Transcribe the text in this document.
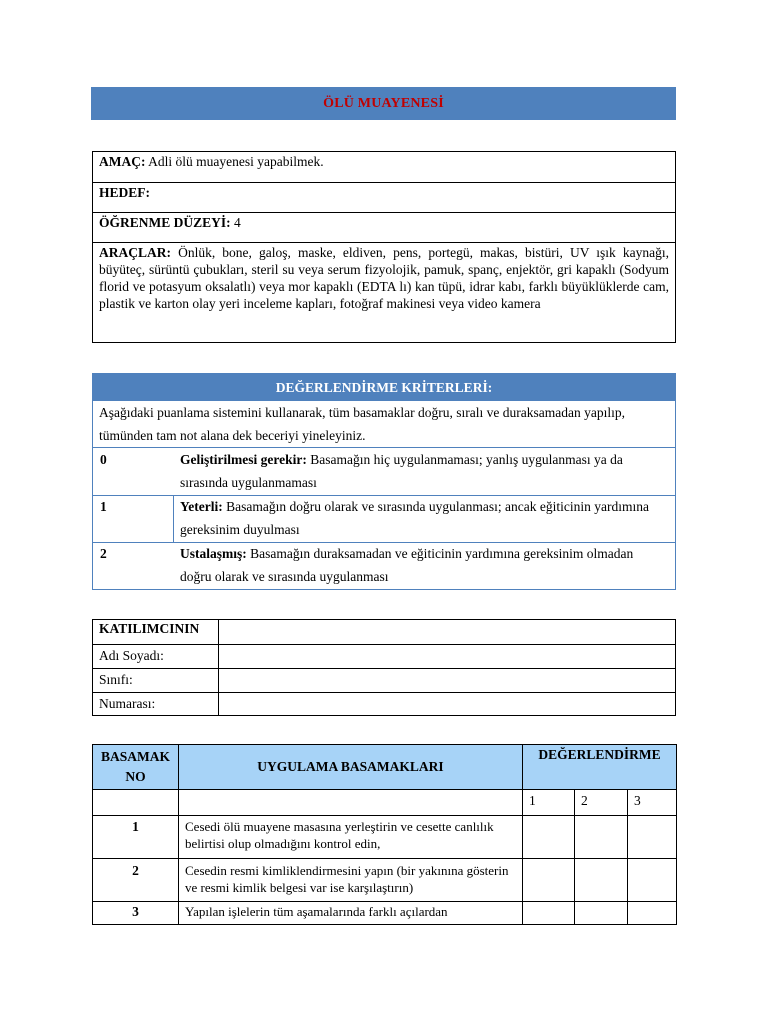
ÖLÜ MUAYENESİ
AMAÇ: Adli ölü muayenesi yapabilmek.
HEDEF:
ÖĞRENME DÜZEYİ: 4
ARAÇLAR: Önlük, bone, galoş, maske, eldiven, pens, portegü, makas, bistüri, UV ışık kaynağı, büyüteç, sürüntü çubukları, steril su veya serum fizyolojik, pamuk, spanç, enjektör, gri kapaklı (Sodyum florid ve potasyum oksalatlı) veya mor kapaklı (EDTA lı) kan tüpü, idrar kabı, farklı büyüklüklerde cam, plastik ve karton olay yeri inceleme kapları, fotoğraf makinesi veya video kamera
DEĞERLENDİRME KRİTERLERİ:
Aşağıdaki puanlama sistemini kullanarak, tüm basamaklar doğru, sıralı ve duraksamadan yapılıp, tümünden tam not alana dek beceriyi yineleyiniz.
0	Geliştirilmesi gerekir: Basamağın hiç uygulanmaması; yanlış uygulanması ya da sırasında uygulanmaması
1	Yeterli: Basamağın doğru olarak ve sırasında uygulanması; ancak eğiticinin yardımına gereksinim duyulması
2	Ustalaşmış: Basamağın duraksamadan ve eğiticinin yardımına gereksinim olmadan doğru olarak ve sırasında uygulanması
KATILIMCININ
Adı Soyadı:
Sınıfı:
Numarası:
BASAMAK NO	UYGULAMA BASAMAKLARI	DEĞERLENDİRME		
		1	2	3
1	Cesedi ölü muayene masasına yerleştirin ve cesette canlılık belirtisi olup olmadığını kontrol edin,			
2	Cesedin resmi kimliklendirmesini yapın (bir yakınına gösterin ve resmi kimlik belgesi var ise karşılaştırın)			
3	Yapılan işlelerin tüm aşamalarında farklı açılardan			
